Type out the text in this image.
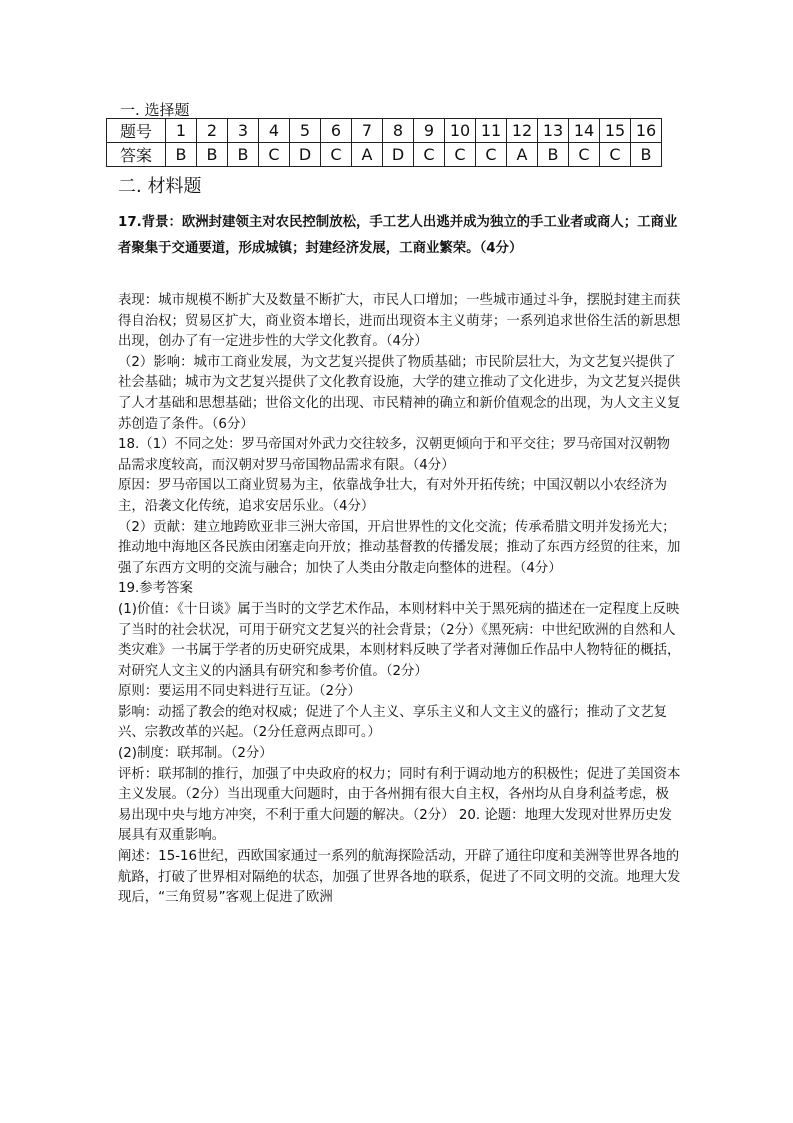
一. 选择题
题号	1	2	3	4	5	6	7	8	9	10	11	12	13	14	15	16
答案	B	B	B	C	D	C	A	D	C	C	C	A	B	C	C	B
二. 材料题
17.背景：欧洲封建领主对农民控制放松，手工艺人出逃并成为独立的手工业者或商人；工商业者聚集于交通要道，形成城镇；封建经济发展，工商业繁荣。（4分）

表现：城市规模不断扩大及数量不断扩大，市民人口增加；一些城市通过斗争，摆脱封建主而获得自治权；贸易区扩大，商业资本增长，进而出现资本主义萌芽；一系列追求世俗生活的新思想出现，创办了有一定进步性的大学文化教育。（4分）

（2）影响：城市工商业发展，为文艺复兴提供了物质基础；市民阶层壮大，为文艺复兴提供了社会基础；城市为文艺复兴提供了文化教育设施，大学的建立推动了文化进步，为文艺复兴提供了人才基础和思想基础；世俗文化的出现、市民精神的确立和新价值观念的出现，为人文主义复苏创造了条件。（6分）

18.（1）不同之处：罗马帝国对外武力交往较多，汉朝更倾向于和平交往；罗马帝国对汉朝物品需求度较高，而汉朝对罗马帝国物品需求有限。（4分）

原因：罗马帝国以工商业贸易为主，依靠战争壮大，有对外开拓传统；中国汉朝以小农经济为主，沿袭文化传统，追求安居乐业。（4分）

（2）贡献：建立地跨欧亚非三洲大帝国，开启世界性的文化交流；传承希腊文明并发扬光大；推动地中海地区各民族由闭塞走向开放；推动基督教的传播发展；推动了东西方经贸的往来，加强了东西方文明的交流与融合；加快了人类由分散走向整体的进程。（4分）

19.参考答案

(1)价值：《十日谈》属于当时的文学艺术作品，本则材料中关于黑死病的描述在一定程度上反映了当时的社会状况，可用于研究文艺复兴的社会背景；（2分）《黑死病：中世纪欧洲的自然和人类灾难》一书属于学者的历史研究成果，本则材料反映了学者对薄伽丘作品中人物特征的概括，对研究人文主义的内涵具有研究和参考价值。（2分）

原则：要运用不同史料进行互证。（2分）

影响：动摇了教会的绝对权威；促进了个人主义、享乐主义和人文主义的盛行；推动了文艺复兴、宗教改革的兴起。（2分任意两点即可。）

(2)制度：联邦制。（2分）

评析：联邦制的推行，加强了中央政府的权力；同时有利于调动地方的积极性；促进了美国资本主义发展。（2分）当出现重大问题时，由于各州拥有很大自主权，各州均从自身利益考虑，极易出现中央与地方冲突，不利于重大问题的解决。（2分） 20. 论题：地理大发现对世界历史发展具有双重影响。

阐述：15-16世纪，西欧国家通过一系列的航海探险活动，开辟了通往印度和美洲等世界各地的航路，打破了世界相对隔绝的状态，加强了世界各地的联系，促进了不同文明的交流。地理大发现后，“三角贸易”客观上促进了欧洲
